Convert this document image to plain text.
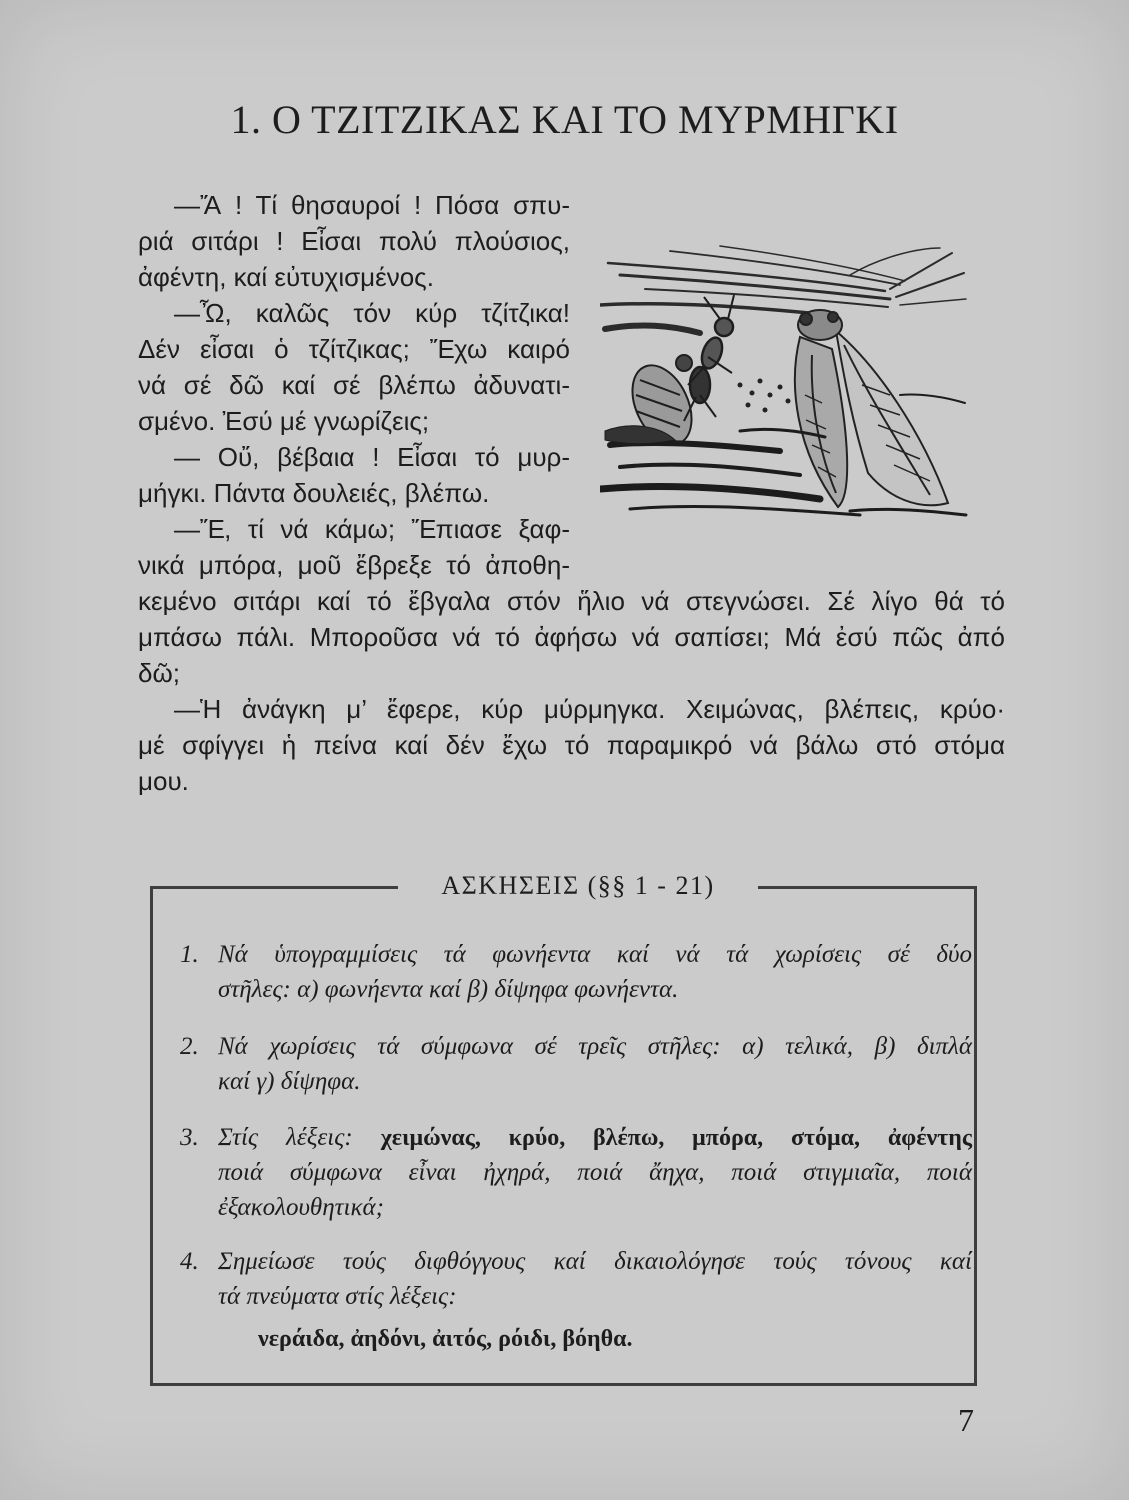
1. Ο ΤΖΙΤΖΙΚΑΣ ΚΑΙ ΤΟ ΜΥΡΜΗΓΚΙ
—Ἄ ! Τί θησαυροί ! Πόσα σπυ-
ριά σιτάρι ! Εἶσαι πολύ πλούσιος,
ἀφέντη, καί εὐτυχισμένος.
—Ὦ, καλῶς τόν κύρ τζίτζικα!
Δέν εἶσαι ὁ τζίτζικας; Ἔχω καιρό
νά σέ δῶ καί σέ βλέπω ἀδυνατι-
σμένο. Ἐσύ μέ γνωρίζεις;
— Οὔ, βέβαια ! Εἶσαι τό μυρ-
μήγκι. Πάντα δουλειές, βλέπω.
—Ἔ, τί νά κάμω; Ἔπιασε ξαφ-
νικά μπόρα, μοῦ ἔβρεξε τό ἀποθη-
κεμένο σιτάρι καί τό ἔβγαλα στόν ἥλιο νά στεγνώσει. Σέ λίγο θά τό
μπάσω πάλι. Μποροῦσα νά τό ἀφήσω νά σαπίσει; Μά ἐσύ πῶς ἀπό
δῶ;
—Ἡ ἀνάγκη μ’ ἔφερε, κύρ μύρμηγκα. Χειμώνας, βλέπεις, κρύο·
μέ σφίγγει ἡ πείνα καί δέν ἔχω τό παραμικρό νά βάλω στό στόμα
μου.
ΑΣΚΗΣΕΙΣ (§§ 1 - 21)
1. Νά ὑπογραμμίσεις τά φωνήεντα καί νά τά χωρίσεις σέ δύο
στῆλες: α) φωνήεντα καί β) δίψηφα φωνήεντα.
2. Νά χωρίσεις τά σύμφωνα σέ τρεῖς στῆλες: α) τελικά, β) διπλά
καί γ) δίψηφα.
3. Στίς λέξεις: χειμώνας, κρύο, βλέπω, μπόρα, στόμα, ἀφέντης
ποιά σύμφωνα εἶναι ἠχηρά, ποιά ἄηχα, ποιά στιγμιαῖα, ποιά
ἐξακολουθητικά;
4. Σημείωσε τούς διφθόγγους καί δικαιολόγησε τούς τόνους καί
τά πνεύματα στίς λέξεις:
νεράιδα, ἀηδόνι, ἀιτός, ρόιδι, βόηθα.
7
